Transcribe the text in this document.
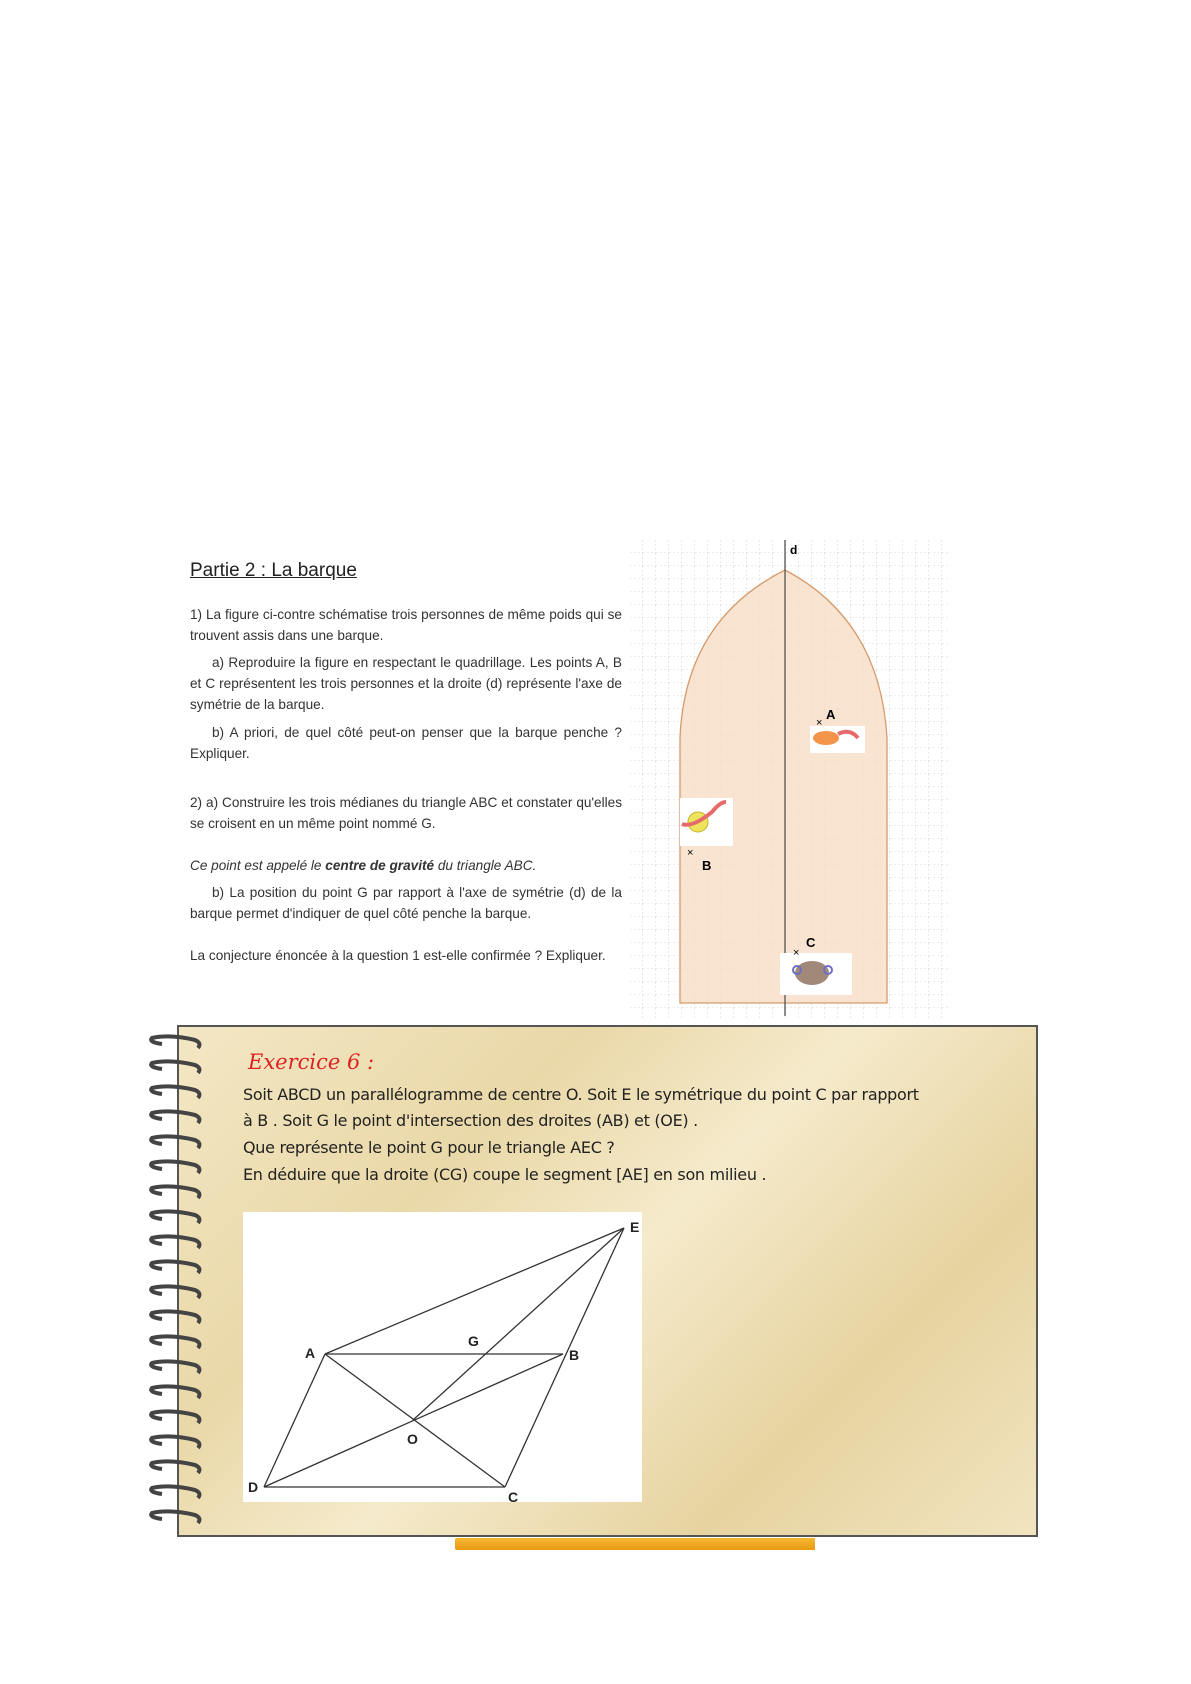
Partie 2 : La barque
1) La figure ci-contre schématise trois personnes de même poids qui se trouvent assis dans une barque.
a) Reproduire la figure en respectant le quadrillage. Les points A, B et C représentent les trois personnes et la droite (d) représente l'axe de symétrie de la barque.
b) A priori, de quel côté peut-on penser que la barque penche ? Expliquer.
2) a) Construire les trois médianes du triangle ABC et constater qu'elles se croisent en un même point nommé G.
Ce point est appelé le centre de gravité du triangle ABC.
b) La position du point G par rapport à l'axe de symétrie (d) de la barque permet d'indiquer de quel côté penche la barque.
La conjecture énoncée à la question 1 est-elle confirmée ? Expliquer.
d
×
A
×
B
×
C
Exercice 6 :
Soit ABCD un parallélogramme de centre O. Soit E le symétrique du point C par rapport
à B . Soit G le point d'intersection des droites (AB) et (OE) .
Que représente le point G pour le triangle AEC ?
En déduire que la droite (CG) coupe le segment [AE] en son milieu .
E
A	B
G
O
D
C
